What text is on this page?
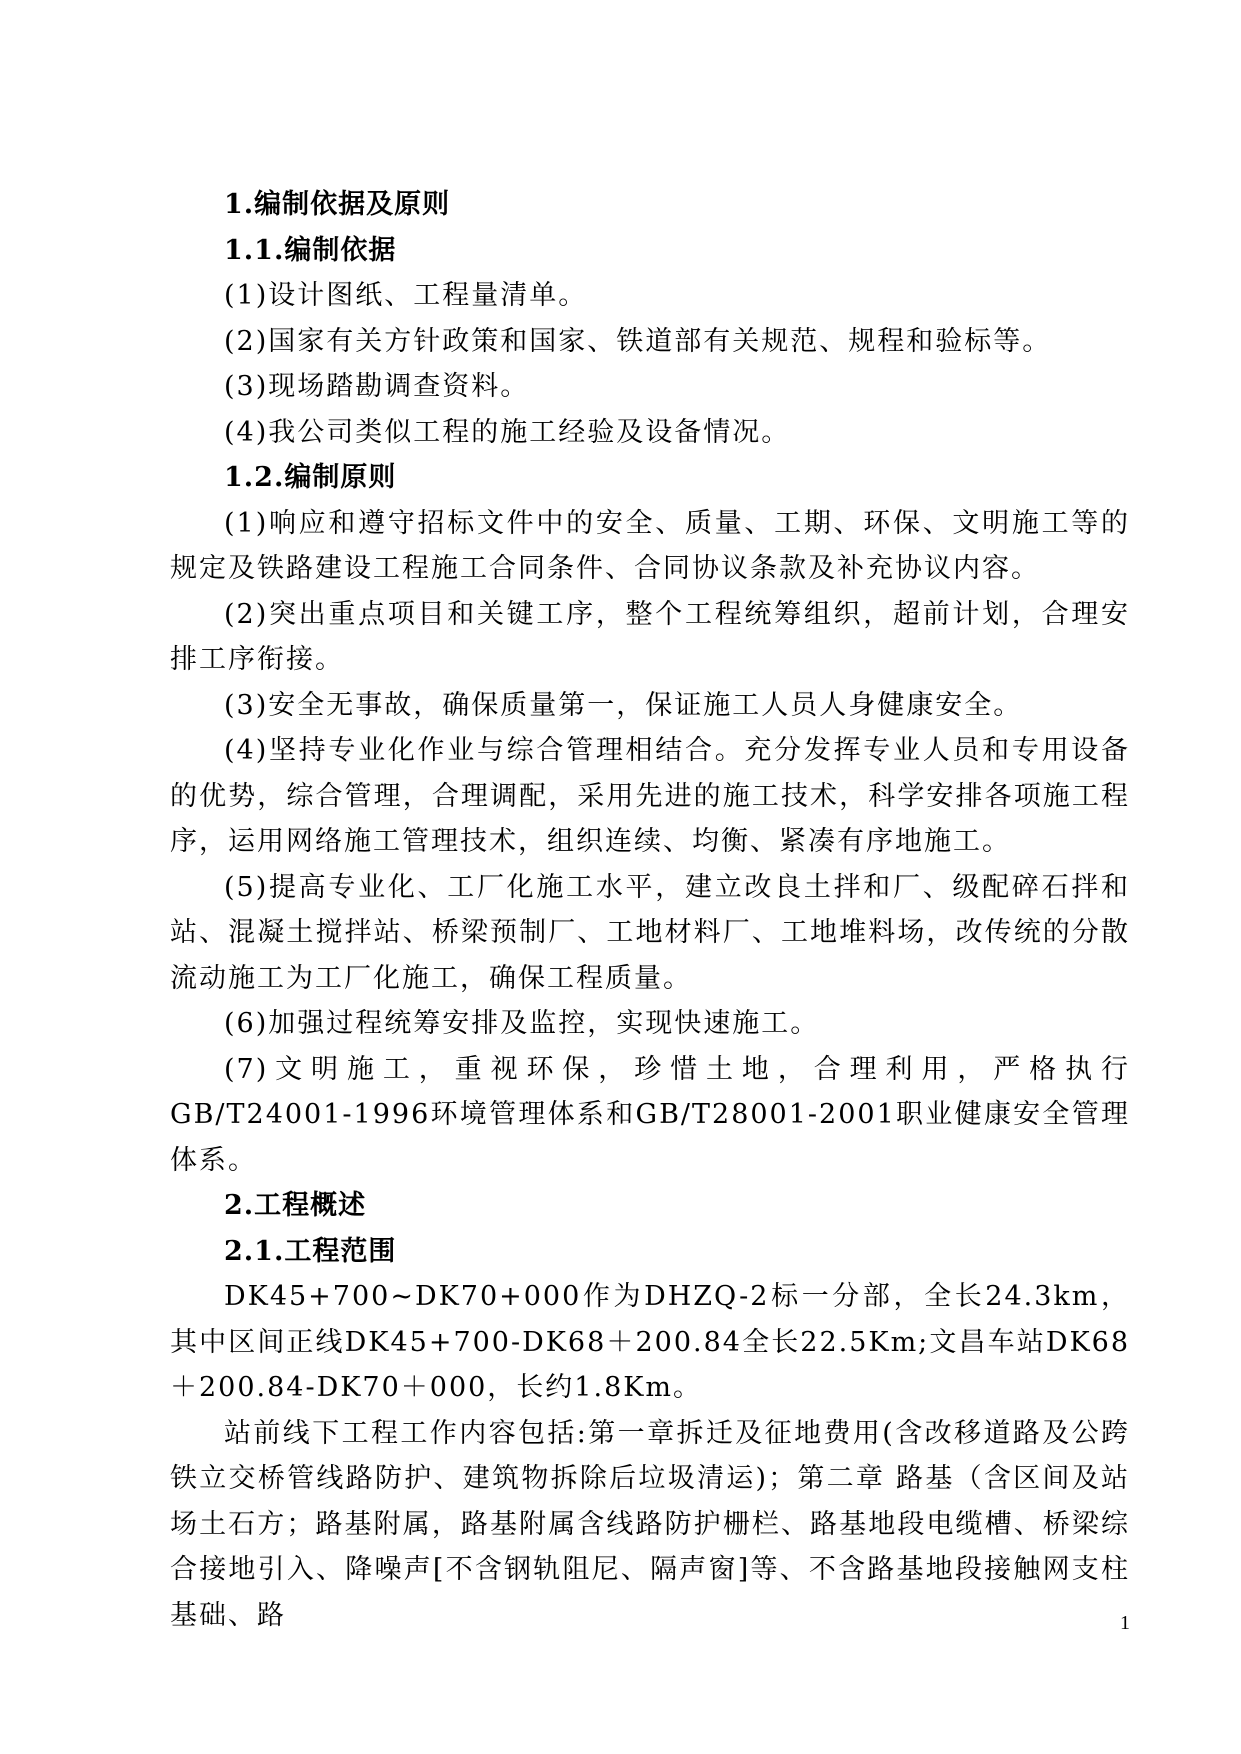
1.编制依据及原则

1.1.编制依据

(1)设计图纸、工程量清单。

(2)国家有关方针政策和国家、铁道部有关规范、规程和验标等。

(3)现场踏勘调查资料。

(4)我公司类似工程的施工经验及设备情况。

1.2.编制原则

(1)响应和遵守招标文件中的安全、质量、工期、环保、文明施工等的规定及铁路建设工程施工合同条件、合同协议条款及补充协议内容。

(2)突出重点项目和关键工序，整个工程统筹组织，超前计划，合理安排工序衔接。

(3)安全无事故，确保质量第一，保证施工人员人身健康安全。

(4)坚持专业化作业与综合管理相结合。充分发挥专业人员和专用设备的优势，综合管理，合理调配，采用先进的施工技术，科学安排各项施工程序，运用网络施工管理技术，组织连续、均衡、紧凑有序地施工。

(5)提高专业化、工厂化施工水平，建立改良土拌和厂、级配碎石拌和站、混凝土搅拌站、桥梁预制厂、工地材料厂、工地堆料场，改传统的分散流动施工为工厂化施工，确保工程质量。

(6)加强过程统筹安排及监控，实现快速施工。

(7)文明施工，重视环保，珍惜土地，合理利用，严格执行GB/T24001-1996环境管理体系和GB/T28001-2001职业健康安全管理体系。

2.工程概述

2.1.工程范围

DK45+700~DK70+000作为DHZQ-2标一分部，全长24.3km，其中区间正线DK45+700-DK68＋200.84全长22.5Km;文昌车站DK68＋200.84-DK70＋000，长约1.8Km。

站前线下工程工作内容包括:第一章拆迁及征地费用(含改移道路及公跨铁立交桥管线路防护、建筑物拆除后垃圾清运)；第二章 路基（含区间及站场土石方；路基附属，路基附属含线路防护栅栏、路基地段电缆槽、桥梁综合接地引入、降噪声[不含钢轨阻尼、隔声窗]等、不含路基地段接触网支柱基础、路	1
